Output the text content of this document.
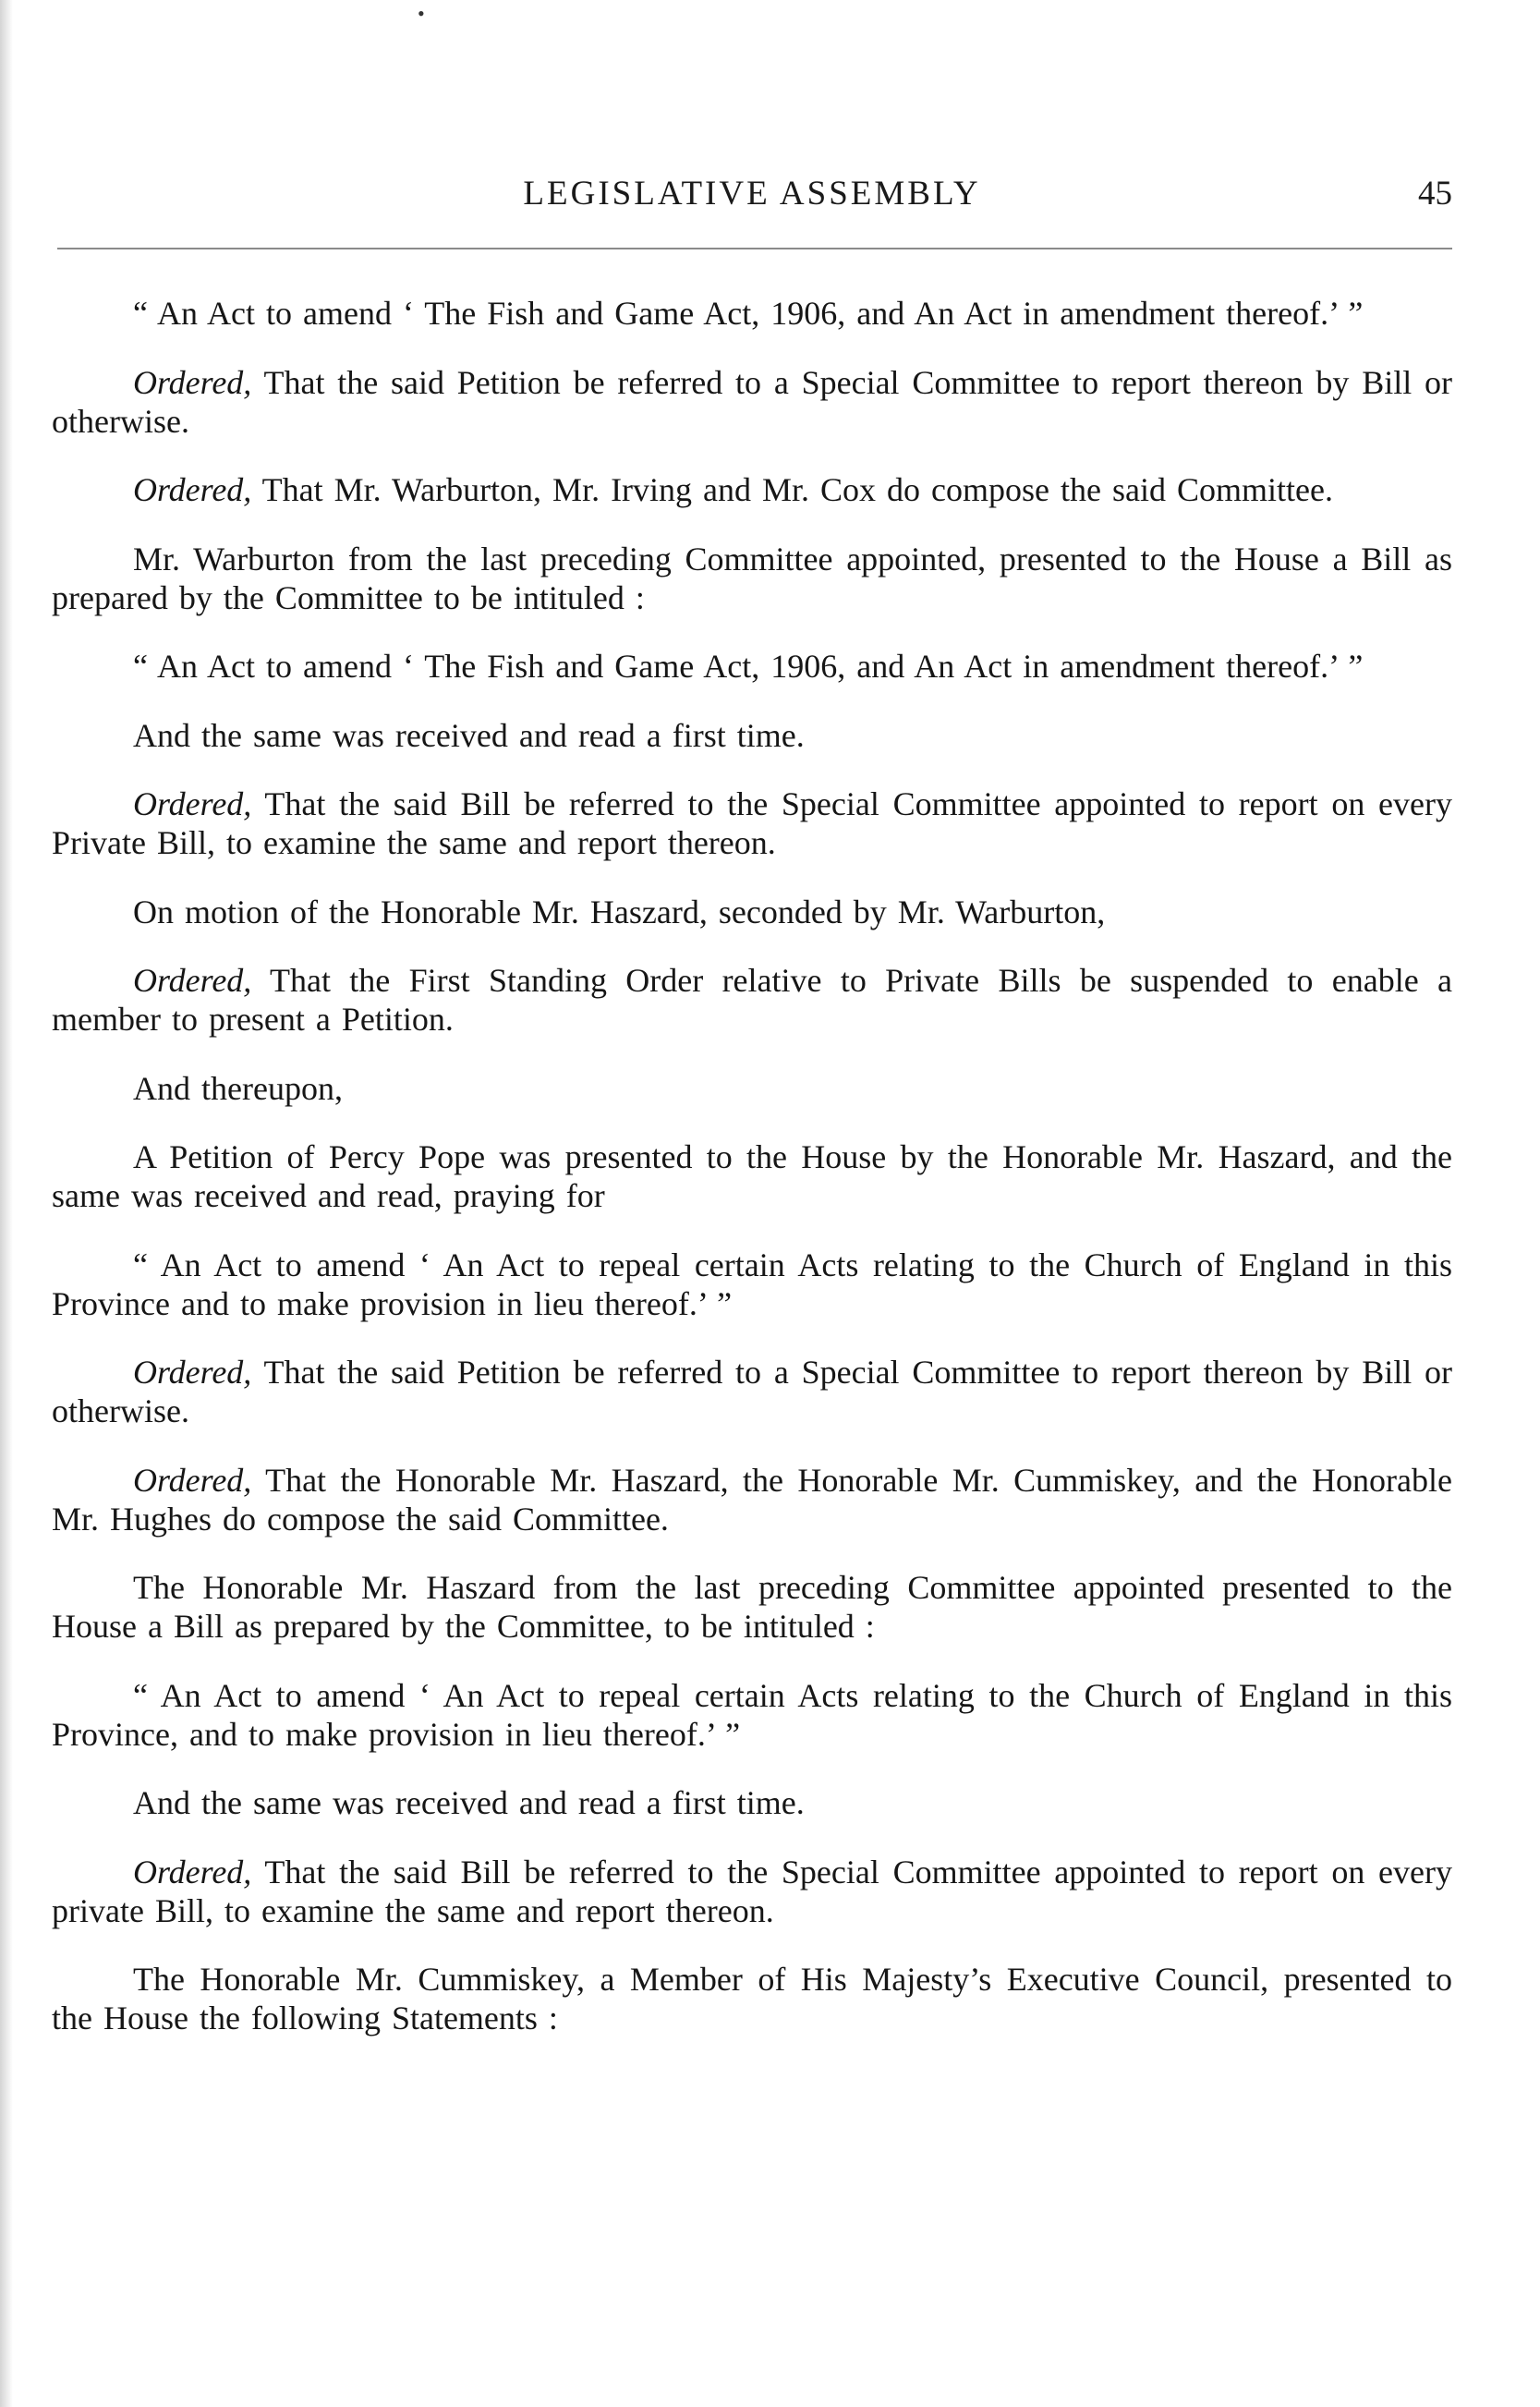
•
LEGISLATIVE ASSEMBLY	45

“ An Act to amend ‘ The Fish and Game Act, 1906, and An Act in amendment thereof.’ ”

Ordered, That the said Petition be referred to a Special Committee to report thereon by Bill or otherwise.

Ordered, That Mr. Warburton, Mr. Irving and Mr. Cox do compose the said Committee.

Mr. Warburton from the last preceding Committee appointed, presented to the House a Bill as prepared by the Committee to be intituled :

“ An Act to amend ‘ The Fish and Game Act, 1906, and An Act in amendment thereof.’ ”

And the same was received and read a first time.

Ordered, That the said Bill be referred to the Special Committee appointed to report on every Private Bill, to examine the same and report thereon.

On motion of the Honorable Mr. Haszard, seconded by Mr. Warburton,

Ordered, That the First Standing Order relative to Private Bills be suspended to enable a member to present a Petition.

And thereupon,

A Petition of Percy Pope was presented to the House by the Honorable Mr. Haszard, and the same was received and read, praying for

“ An Act to amend ‘ An Act to repeal certain Acts relating to the Church of England in this Province and to make provision in lieu thereof.’ ”

Ordered, That the said Petition be referred to a Special Committee to report thereon by Bill or otherwise.

Ordered, That the Honorable Mr. Haszard, the Honorable Mr. Cummiskey, and the Honorable Mr. Hughes do compose the said Committee.

The Honorable Mr. Haszard from the last preceding Committee appointed presented to the House a Bill as prepared by the Committee, to be intituled :

“ An Act to amend ‘ An Act to repeal certain Acts relating to the Church of England in this Province, and to make provision in lieu thereof.’ ”

And the same was received and read a first time.

Ordered, That the said Bill be referred to the Special Committee appointed to report on every private Bill, to examine the same and report thereon.

The Honorable Mr. Cummiskey, a Member of His Majesty’s Executive Council, presented to the House the following Statements :
